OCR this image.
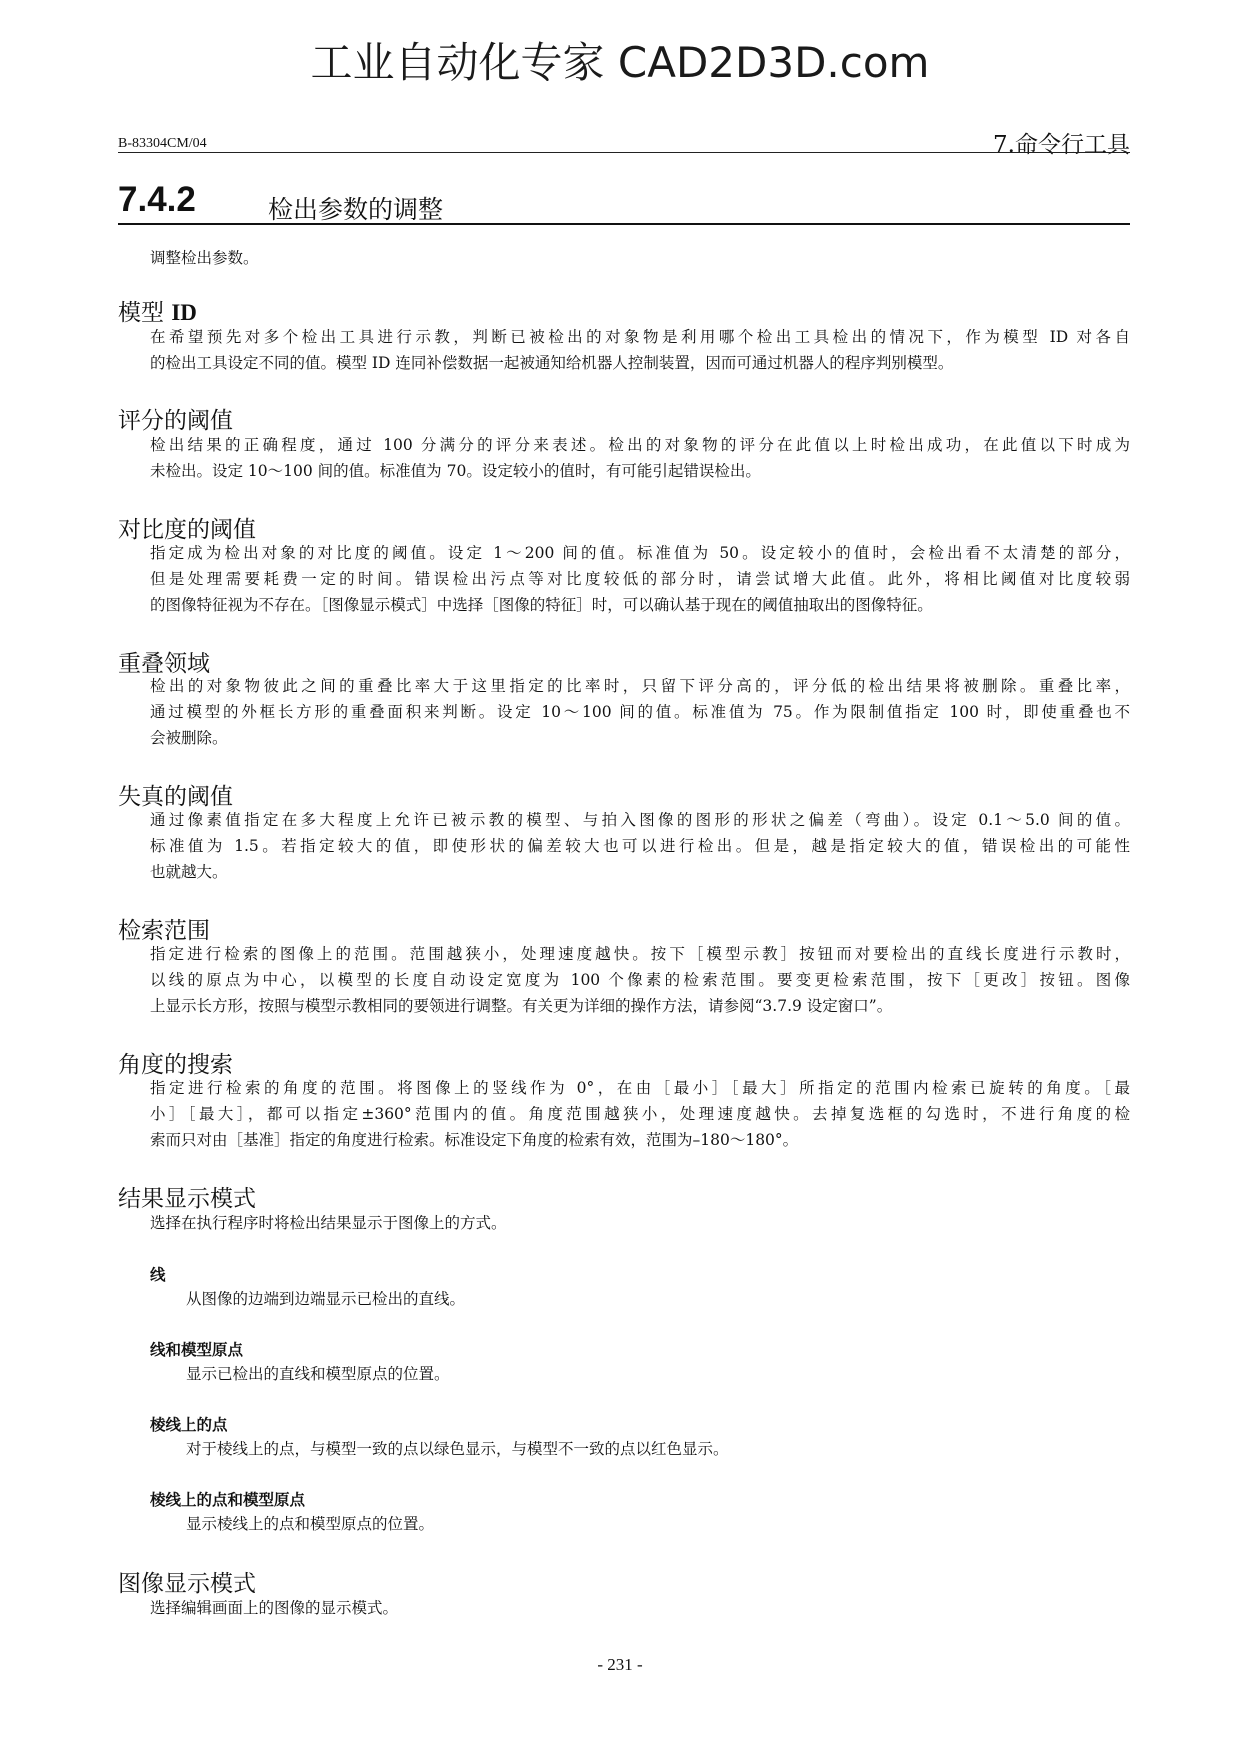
工业自动化专家 CAD2D3D.com
B-83304CM/04	7.命令行工具
7.4.2	检出参数的调整
调整检出参数。
模型 ID
在希望预先对多个检出工具进行示教，判断已被检出的对象物是利用哪个检出工具检出的情况下，作为模型 ID 对各自
的检出工具设定不同的值。模型 ID 连同补偿数据一起被通知给机器人控制装置，因而可通过机器人的程序判别模型。
评分的阈值
检出结果的正确程度，通过 100 分满分的评分来表述。检出的对象物的评分在此值以上时检出成功，在此值以下时成为
未检出。设定 10～100 间的值。标准值为 70。设定较小的值时，有可能引起错误检出。
对比度的阈值
指定成为检出对象的对比度的阈值。设定 1～200 间的值。标准值为 50。设定较小的值时，会检出看不太清楚的部分，
但是处理需要耗费一定的时间。错误检出污点等对比度较低的部分时，请尝试增大此值。此外，将相比阈值对比度较弱
的图像特征视为不存在。［图像显示模式］中选择［图像的特征］时，可以确认基于现在的阈值抽取出的图像特征。
重叠领域
检出的对象物彼此之间的重叠比率大于这里指定的比率时，只留下评分高的，评分低的检出结果将被删除。重叠比率，
通过模型的外框长方形的重叠面积来判断。设定 10～100 间的值。标准值为 75。作为限制值指定 100 时，即使重叠也不
会被删除。
失真的阈值
通过像素值指定在多大程度上允许已被示教的模型、与拍入图像的图形的形状之偏差（弯曲）。设定 0.1～5.0 间的值。
标准值为 1.5。若指定较大的值，即使形状的偏差较大也可以进行检出。但是，越是指定较大的值，错误检出的可能性
也就越大。
检索范围
指定进行检索的图像上的范围。范围越狭小，处理速度越快。按下［模型示教］按钮而对要检出的直线长度进行示教时，
以线的原点为中心，以模型的长度自动设定宽度为 100 个像素的检索范围。要变更检索范围，按下［更改］按钮。图像
上显示长方形，按照与模型示教相同的要领进行调整。有关更为详细的操作方法，请参阅“3.7.9 设定窗口”。
角度的搜索
指定进行检索的角度的范围。将图像上的竖线作为 0°，在由［最小］［最大］所指定的范围内检索已旋转的角度。［最
小］［最大］，都可以指定±360°范围内的值。角度范围越狭小，处理速度越快。去掉复选框的勾选时，不进行角度的检
索而只对由［基准］指定的角度进行检索。标准设定下角度的检索有效，范围为–180～180°。
结果显示模式
选择在执行程序时将检出结果显示于图像上的方式。
线
从图像的边端到边端显示已检出的直线。
线和模型原点
显示已检出的直线和模型原点的位置。
棱线上的点
对于棱线上的点，与模型一致的点以绿色显示，与模型不一致的点以红色显示。
棱线上的点和模型原点
显示棱线上的点和模型原点的位置。
图像显示模式
选择编辑画面上的图像的显示模式。
- 231 -
